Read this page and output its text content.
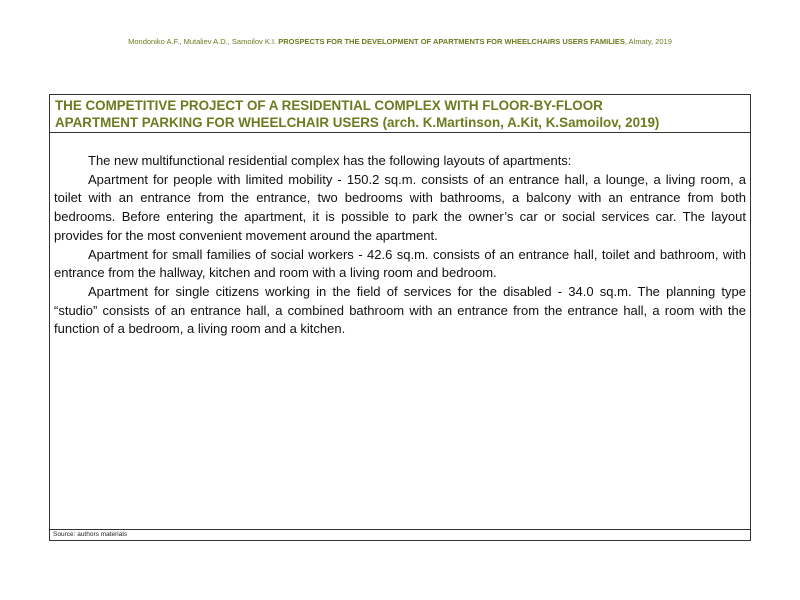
Mondoniko A.F., Mutaliev A.D., Samoilov K.I. PROSPECTS FOR THE DEVELOPMENT OF APARTMENTS FOR WHEELCHAIRS USERS FAMILIES, Almaty, 2019
THE COMPETITIVE PROJECT OF A RESIDENTIAL COMPLEX WITH FLOOR-BY-FLOOR
APARTMENT PARKING FOR WHEELCHAIR USERS (arch. K.Martinson, A.Kit, K.Samoilov, 2019)

The new multifunctional residential complex has the following layouts of apartments:

Apartment for people with limited mobility - 150.2 sq.m. consists of an entrance hall, a lounge, a living room, a toilet with an entrance from the entrance, two bedrooms with bathrooms, a balcony with an entrance from both bedrooms. Before entering the apartment, it is possible to park the owner’s car or social services car. The layout provides for the most convenient movement around the apartment.

Apartment for small families of social workers - 42.6 sq.m. consists of an entrance hall, toilet and bathroom, with entrance from the hallway, kitchen and room with a living room and bedroom.

Apartment for single citizens working in the field of services for the disabled - 34.0 sq.m. The planning type “studio” consists of an entrance hall, a combined bathroom with an entrance from the entrance hall, a room with the function of a bedroom, a living room and a kitchen.

Source: authors materials
